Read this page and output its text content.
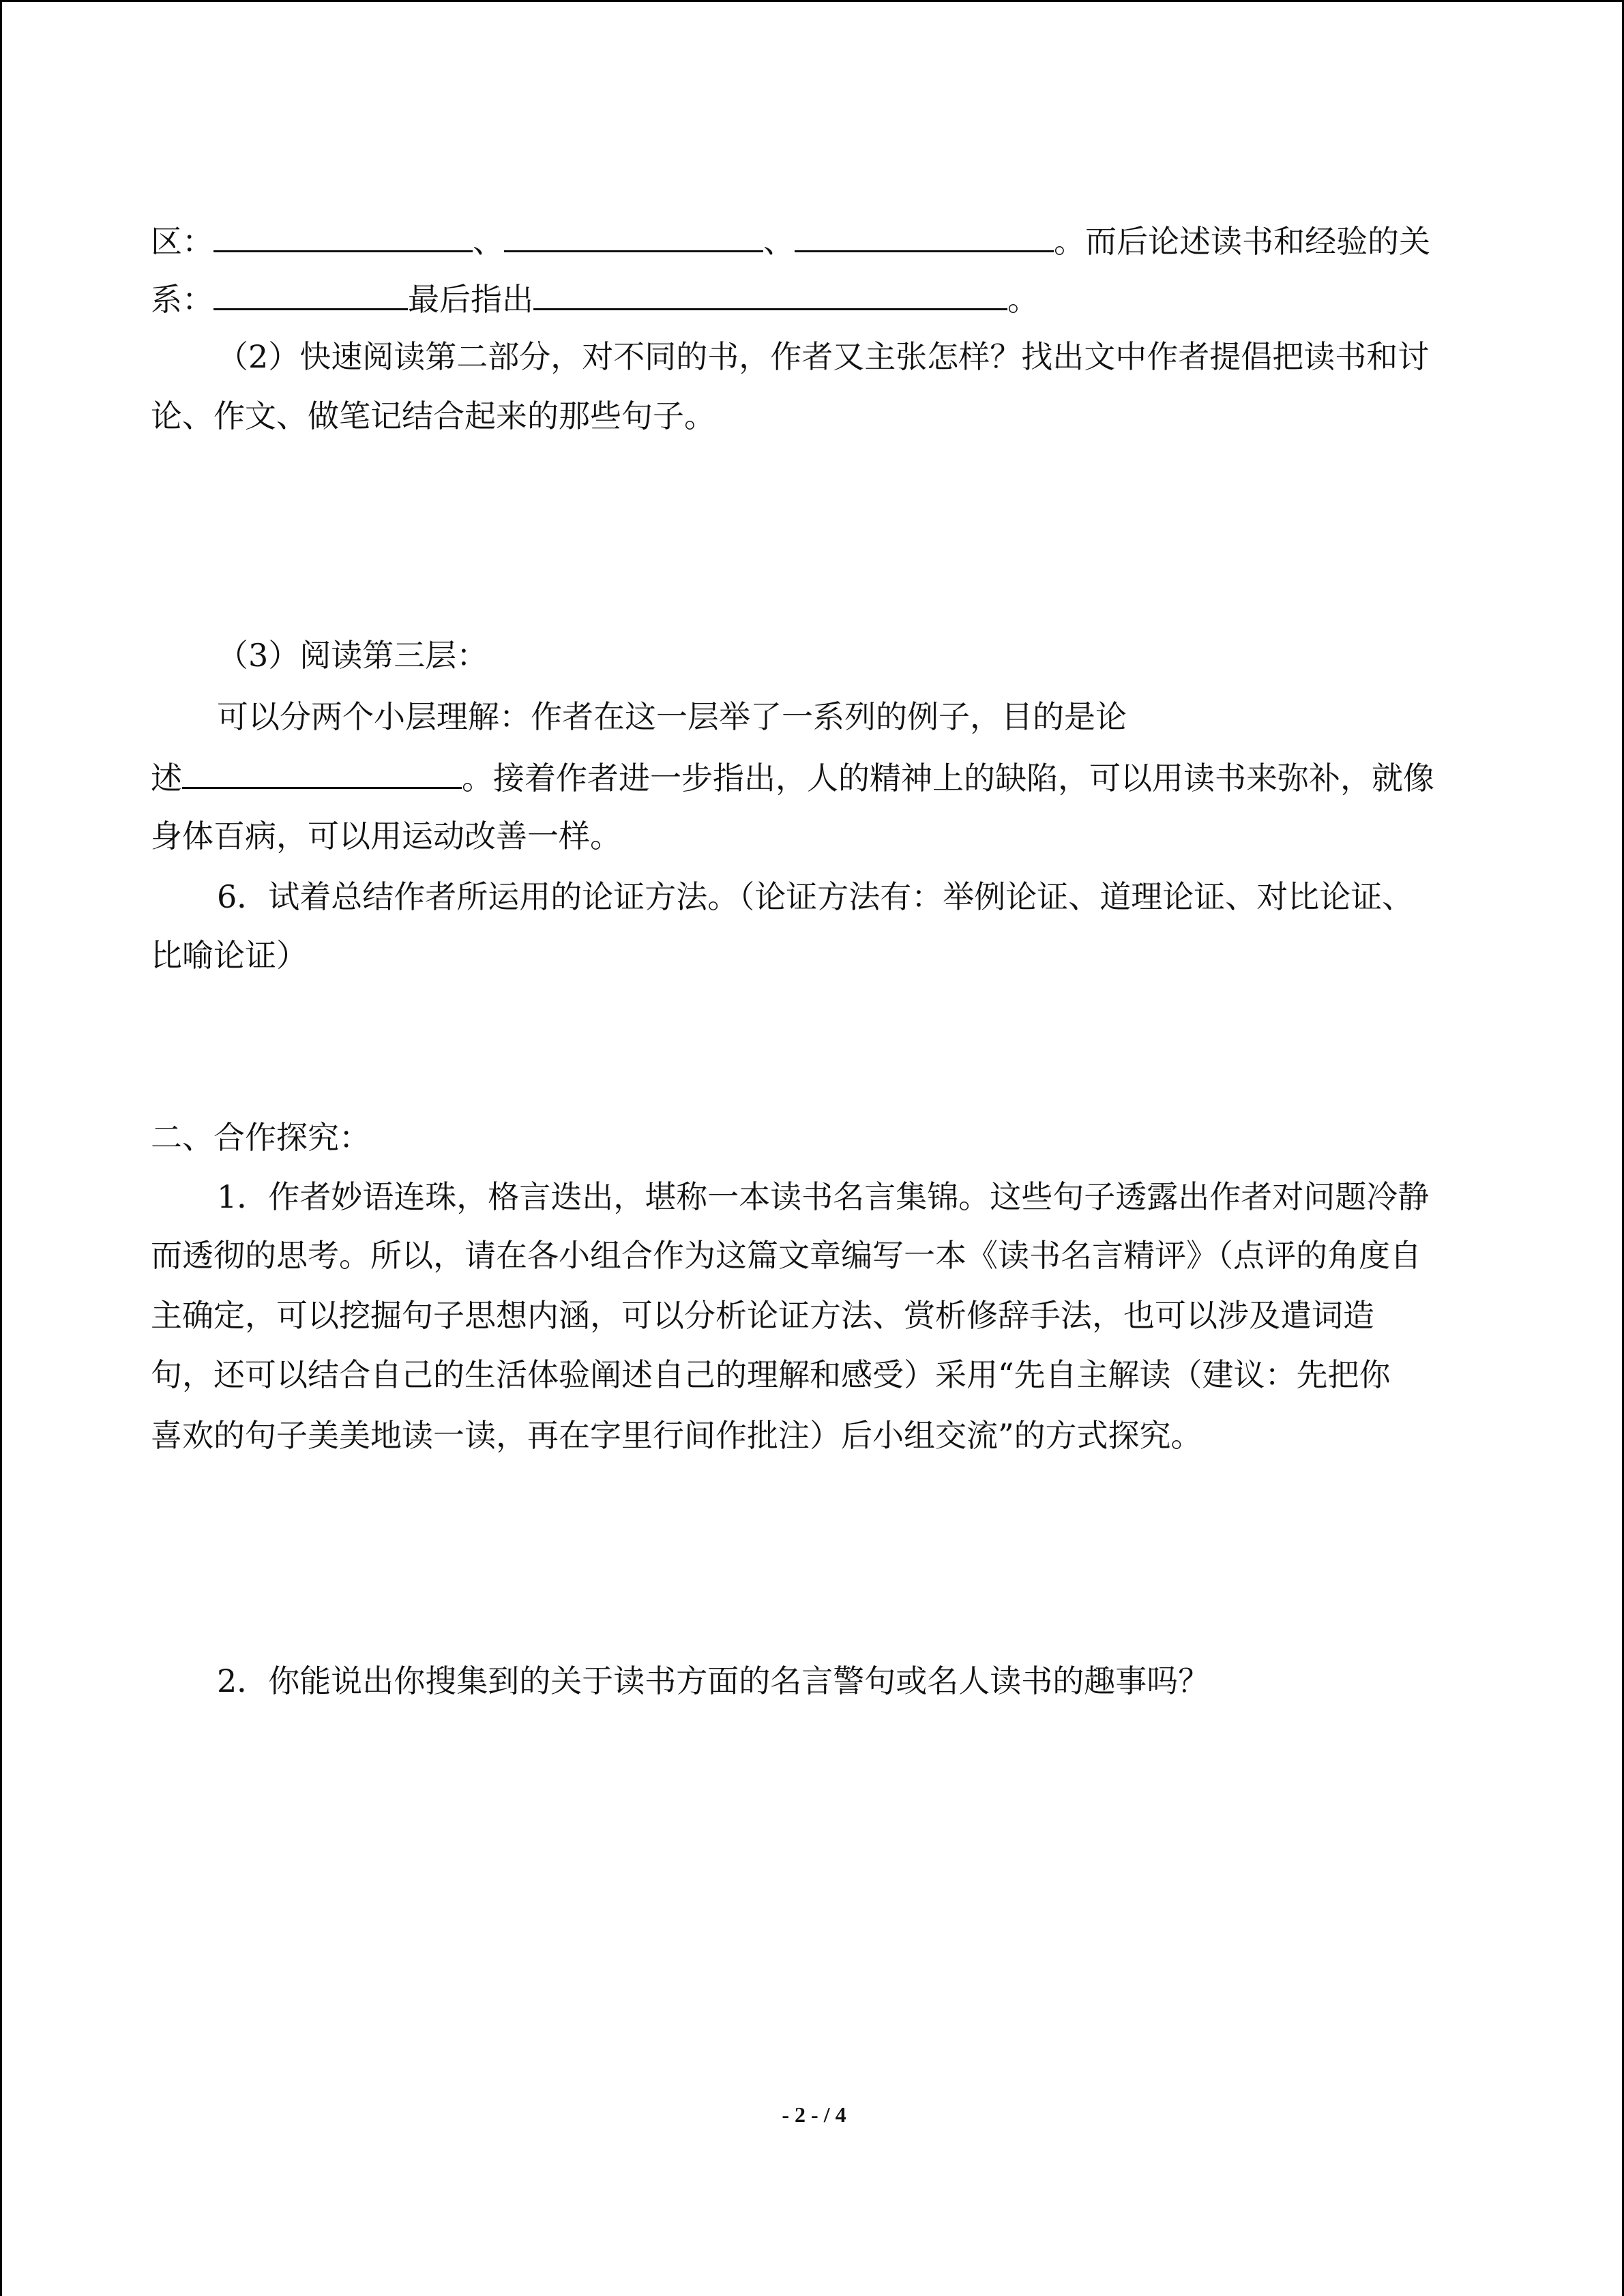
区：	、	、	。而后论述读书和经验的关
系：	最后指出	。
（2）快速阅读第二部分，对不同的书，作者又主张怎样？找出文中作者提倡把读书和讨
论、作文、做笔记结合起来的那些句子。
（3）阅读第三层：
可以分两个小层理解：作者在这一层举了一系列的例子，目的是论
述	。接着作者进一步指出，人的精神上的缺陷，可以用读书来弥补，就像
身体百病，可以用运动改善一样。
6．试着总结作者所运用的论证方法。（论证方法有：举例论证、道理论证、对比论证、
比喻论证）
二、合作探究：
1．作者妙语连珠，格言迭出，堪称一本读书名言集锦。这些句子透露出作者对问题冷静
而透彻的思考。所以，请在各小组合作为这篇文章编写一本《读书名言精评》（点评的角度自
主确定，可以挖掘句子思想内涵，可以分析论证方法、赏析修辞手法，也可以涉及遣词造
句，还可以结合自己的生活体验阐述自己的理解和感受）采用“先自主解读（建议：先把你
喜欢的句子美美地读一读，再在字里行间作批注）后小组交流”的方式探究。
2．你能说出你搜集到的关于读书方面的名言警句或名人读书的趣事吗？
- 2 - / 4
